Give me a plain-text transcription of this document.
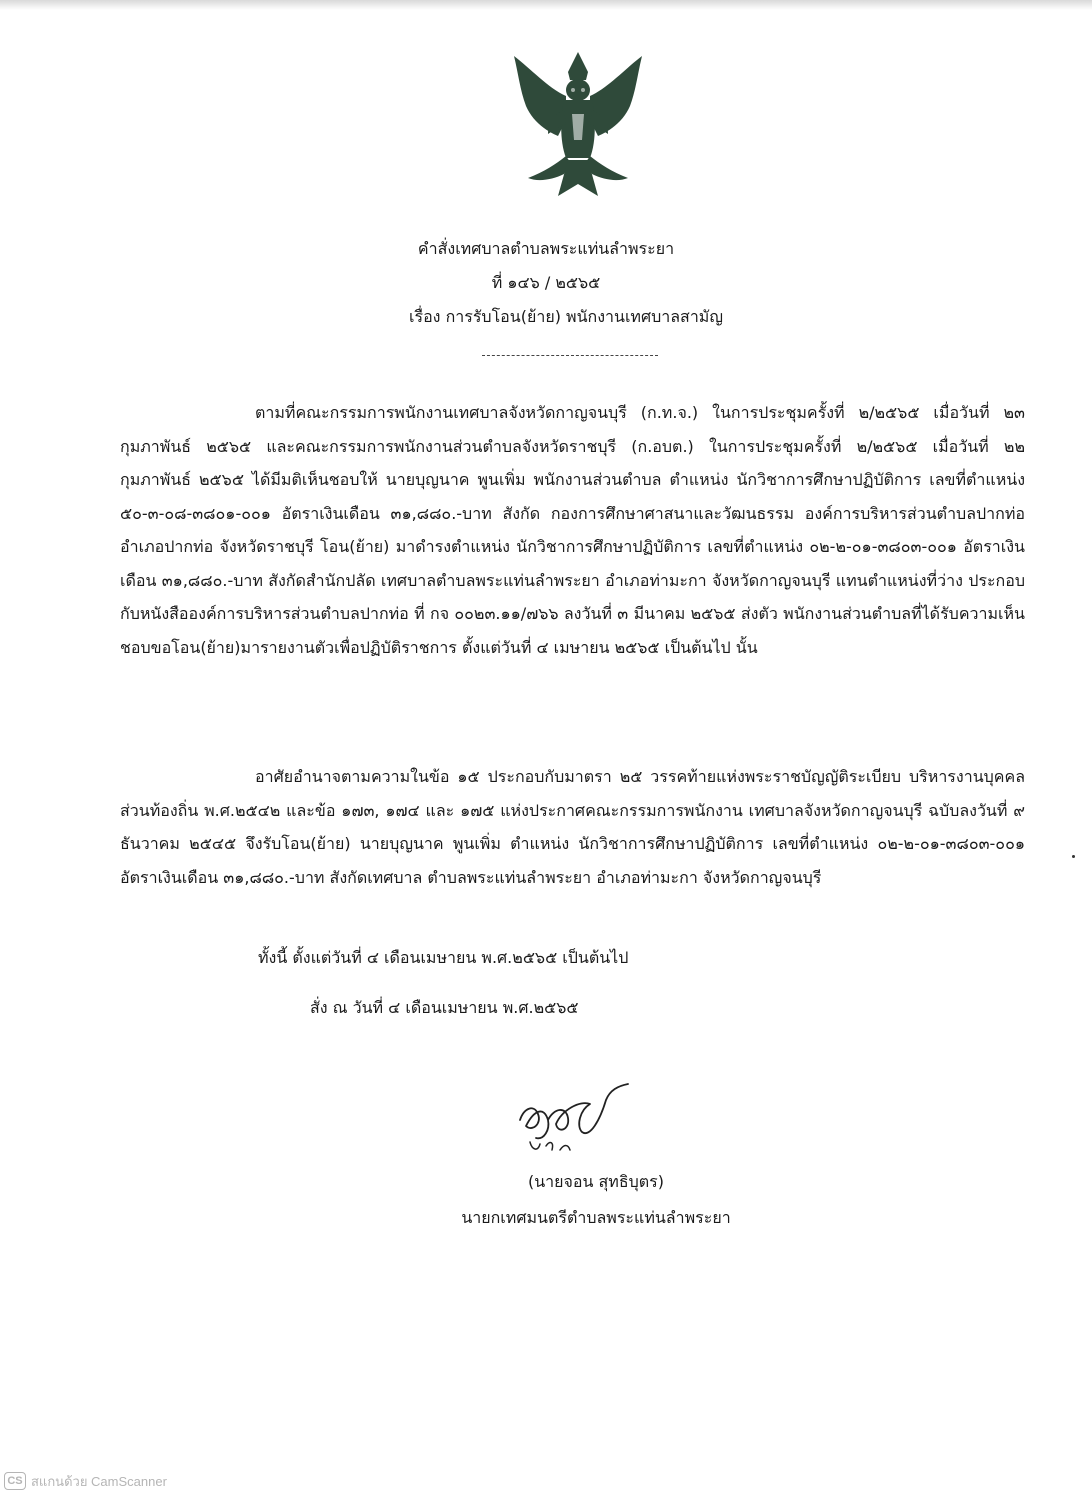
คำสั่งเทศบาลตำบลพระแท่นลำพระยา
ที่ ๑๔๖ / ๒๕๖๕
เรื่อง การรับโอน(ย้าย) พนักงานเทศบาลสามัญ
ตามที่คณะกรรมการพนักงานเทศบาลจังหวัดกาญจนบุรี (ก.ท.จ.) ในการประชุมครั้งที่ ๒/๒๕๖๕ เมื่อวันที่ ๒๓ กุมภาพันธ์ ๒๕๖๕ และคณะกรรมการพนักงานส่วนตำบลจังหวัดราชบุรี (ก.อบต.) ในการประชุมครั้งที่ ๒/๒๕๖๕ เมื่อวันที่ ๒๒ กุมภาพันธ์ ๒๕๖๕ ได้มีมติเห็นชอบให้ นายบุญนาค พูนเพิ่ม พนักงานส่วนตำบล ตำแหน่ง นักวิชาการศึกษาปฏิบัติการ เลขที่ตำแหน่ง ๕๐-๓-๐๘-๓๘๐๑-๐๐๑ อัตราเงินเดือน ๓๑,๘๘๐.-บาท สังกัด กองการศึกษาศาสนาและวัฒนธรรม องค์การบริหารส่วนตำบลปากท่อ อำเภอปากท่อ จังหวัดราชบุรี โอน(ย้าย) มาดำรงตำแหน่ง นักวิชาการศึกษาปฏิบัติการ เลขที่ตำแหน่ง ๐๒-๒-๐๑-๓๘๐๓-๐๐๑ อัตราเงินเดือน ๓๑,๘๘๐.-บาท สังกัดสำนักปลัด เทศบาลตำบลพระแท่นลำพระยา อำเภอท่ามะกา จังหวัดกาญจนบุรี แทนตำแหน่งที่ว่าง ประกอบกับหนังสือองค์การบริหารส่วนตำบลปากท่อ ที่ กจ ๐๐๒๓.๑๑/๗๖๖ ลงวันที่ ๓ มีนาคม ๒๕๖๕ ส่งตัว พนักงานส่วนตำบลที่ได้รับความเห็นชอบขอโอน(ย้าย)มารายงานตัวเพื่อปฏิบัติราชการ ตั้งแต่วันที่ ๔ เมษายน ๒๕๖๕ เป็นต้นไป นั้น
อาศัยอำนาจตามความในข้อ ๑๕ ประกอบกับมาตรา ๒๕ วรรคท้ายแห่งพระราชบัญญัติระเบียบ บริหารงานบุคคลส่วนท้องถิ่น พ.ศ.๒๕๔๒ และข้อ ๑๗๓, ๑๗๔ และ ๑๗๕ แห่งประกาศคณะกรรมการพนักงาน เทศบาลจังหวัดกาญจนบุรี ฉบับลงวันที่ ๙ ธันวาคม ๒๕๔๕ จึงรับโอน(ย้าย) นายบุญนาค พูนเพิ่ม ตำแหน่ง นักวิชาการศึกษาปฏิบัติการ เลขที่ตำแหน่ง ๐๒-๒-๐๑-๓๘๐๓-๐๐๑ อัตราเงินเดือน ๓๑,๘๘๐.-บาท สังกัดเทศบาล ตำบลพระแท่นลำพระยา อำเภอท่ามะกา จังหวัดกาญจนบุรี
ทั้งนี้ ตั้งแต่วันที่ ๔ เดือนเมษายน พ.ศ.๒๕๖๕ เป็นต้นไป
สั่ง ณ วันที่ ๔ เดือนเมษายน พ.ศ.๒๕๖๕
(นายจอน สุทธิบุตร)
นายกเทศมนตรีตำบลพระแท่นลำพระยา
CS สแกนด้วย CamScanner
